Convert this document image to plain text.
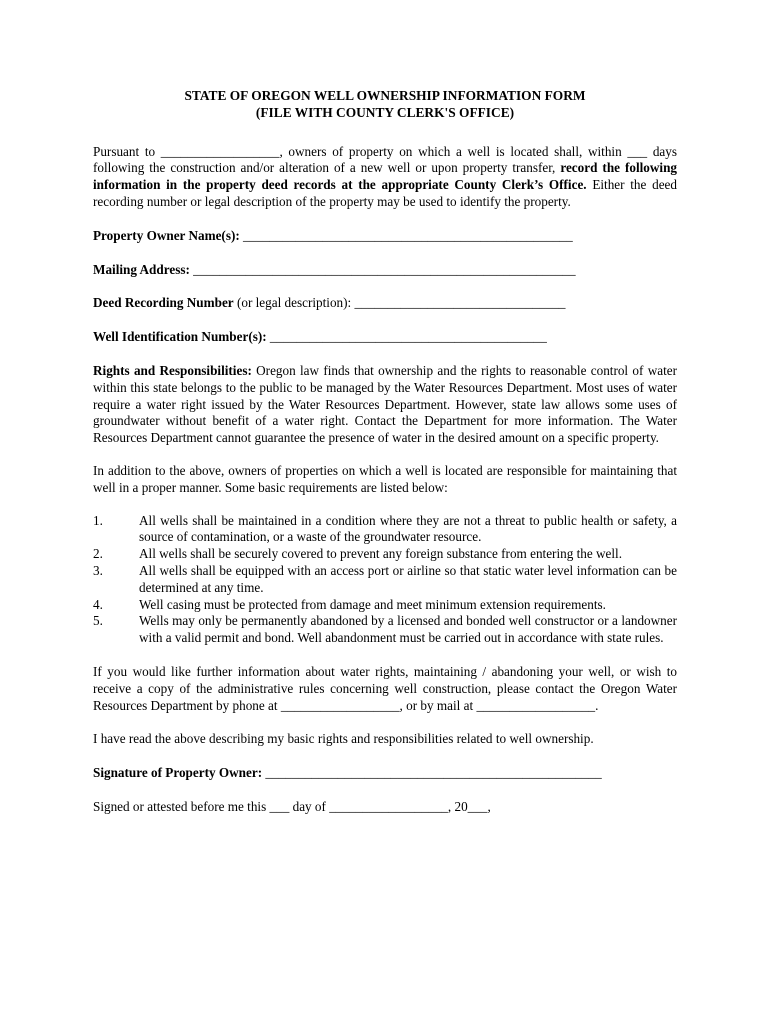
STATE OF OREGON WELL OWNERSHIP INFORMATION FORM
(FILE WITH COUNTY CLERK'S OFFICE)

Pursuant to __________________, owners of property on which a well is located shall, within ___ days following the construction and/or alteration of a new well or upon property transfer, record the following information in the property deed records at the appropriate County Clerk’s Office. Either the deed recording number or legal description of the property may be used to identify the property.

Property Owner Name(s): __________________________________________________
Mailing Address: __________________________________________________________
Deed Recording Number (or legal description): ________________________________
Well Identification Number(s): __________________________________________

Rights and Responsibilities: Oregon law finds that ownership and the rights to reasonable control of water within this state belongs to the public to be managed by the Water Resources Department. Most uses of water require a water right issued by the Water Resources Department. However, state law allows some uses of groundwater without benefit of a water right. Contact the Department for more information. The Water Resources Department cannot guarantee the presence of water in the desired amount on a specific property.

In addition to the above, owners of properties on which a well is located are responsible for maintaining that well in a proper manner. Some basic requirements are listed below:

1.	All wells shall be maintained in a condition where they are not a threat to public health or safety, a source of contamination, or a waste of the groundwater resource.
2.	All wells shall be securely covered to prevent any foreign substance from entering the well.
3.	All wells shall be equipped with an access port or airline so that static water level information can be determined at any time.
4.	Well casing must be protected from damage and meet minimum extension requirements.
5.	Wells may only be permanently abandoned by a licensed and bonded well constructor or a landowner with a valid permit and bond. Well abandonment must be carried out in accordance with state rules.

If you would like further information about water rights, maintaining / abandoning your well, or wish to receive a copy of the administrative rules concerning well construction, please contact the Oregon Water Resources Department by phone at __________________, or by mail at __________________.

I have read the above describing my basic rights and responsibilities related to well ownership.

Signature of Property Owner: ___________________________________________________
Signed or attested before me this ___ day of __________________, 20___,
